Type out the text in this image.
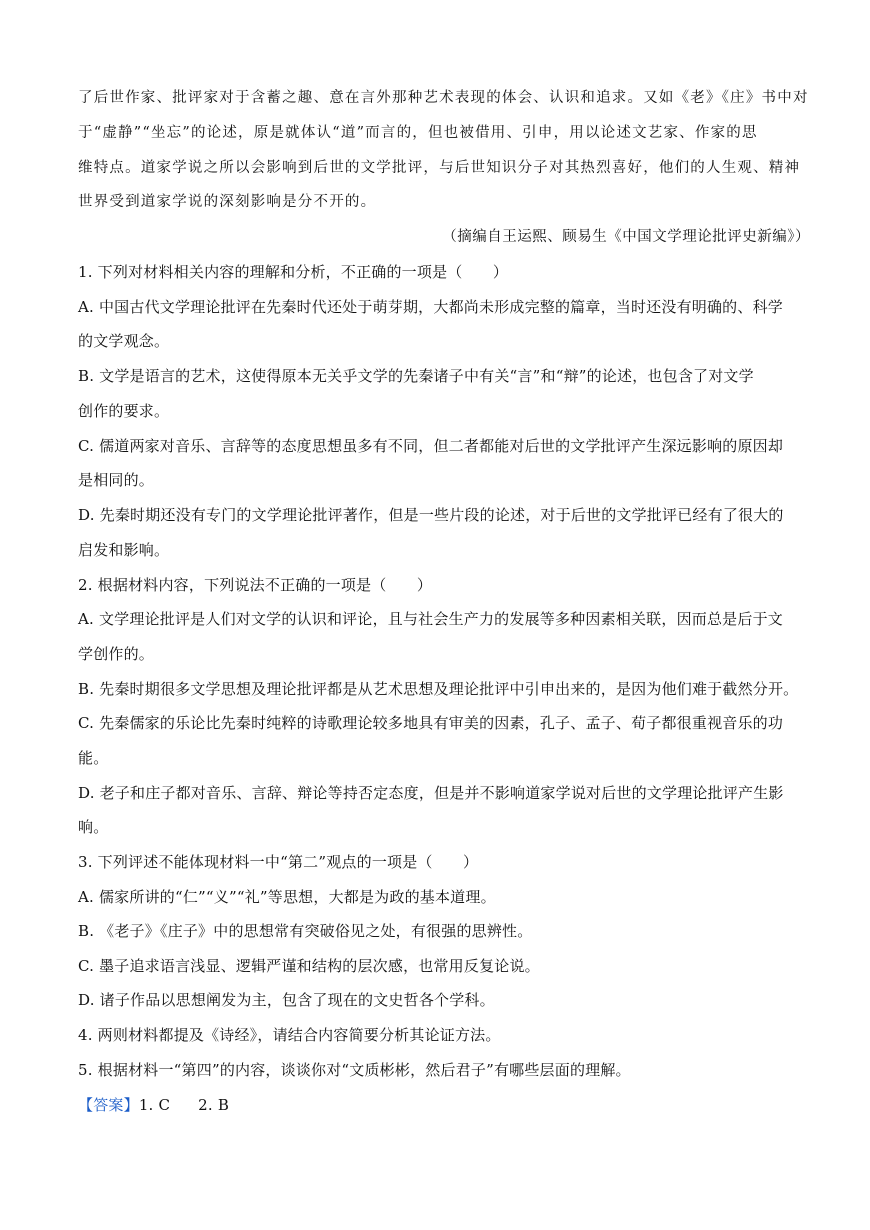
了后世作家、批评家对于含蓄之趣、意在言外那种艺术表现的体会、认识和追求。又如《老》《庄》书中对
于“虚静”“坐忘”的论述，原是就体认“道”而言的，但也被借用、引申，用以论述文艺家、作家的思
维特点。道家学说之所以会影响到后世的文学批评，与后世知识分子对其热烈喜好，他们的人生观、精神
世界受到道家学说的深刻影响是分不开的。
（摘编自王运熙、顾易生《中国文学理论批评史新编》）
1. 下列对材料相关内容的理解和分析，不正确的一项是（　　）
A. 中国古代文学理论批评在先秦时代还处于萌芽期，大都尚未形成完整的篇章，当时还没有明确的、科学
的文学观念。
B. 文学是语言的艺术，这使得原本无关乎文学的先秦诸子中有关“言”和“辩”的论述，也包含了对文学
创作的要求。
C. 儒道两家对音乐、言辞等的态度思想虽多有不同，但二者都能对后世的文学批评产生深远影响的原因却
是相同的。
D. 先秦时期还没有专门的文学理论批评著作，但是一些片段的论述，对于后世的文学批评已经有了很大的
启发和影响。
2. 根据材料内容，下列说法不正确的一项是（　　）
A. 文学理论批评是人们对文学的认识和评论，且与社会生产力的发展等多种因素相关联，因而总是后于文
学创作的。
B. 先秦时期很多文学思想及理论批评都是从艺术思想及理论批评中引申出来的，是因为他们难于截然分开。
C. 先秦儒家的乐论比先秦时纯粹的诗歌理论较多地具有审美的因素，孔子、孟子、荀子都很重视音乐的功
能。
D. 老子和庄子都对音乐、言辞、辩论等持否定态度，但是并不影响道家学说对后世的文学理论批评产生影
响。
3. 下列评述不能体现材料一中“第二”观点的一项是（　　）
A. 儒家所讲的“仁”“义”“礼”等思想，大都是为政的基本道理。
B. 《老子》《庄子》中的思想常有突破俗见之处，有很强的思辨性。
C. 墨子追求语言浅显、逻辑严谨和结构的层次感，也常用反复论说。
D. 诸子作品以思想阐发为主，包含了现在的文史哲各个学科。
4. 两则材料都提及《诗经》，请结合内容简要分析其论证方法。
5. 根据材料一“第四”的内容，谈谈你对“文质彬彬，然后君子”有哪些层面的理解。
【答案】1. C 2. B
